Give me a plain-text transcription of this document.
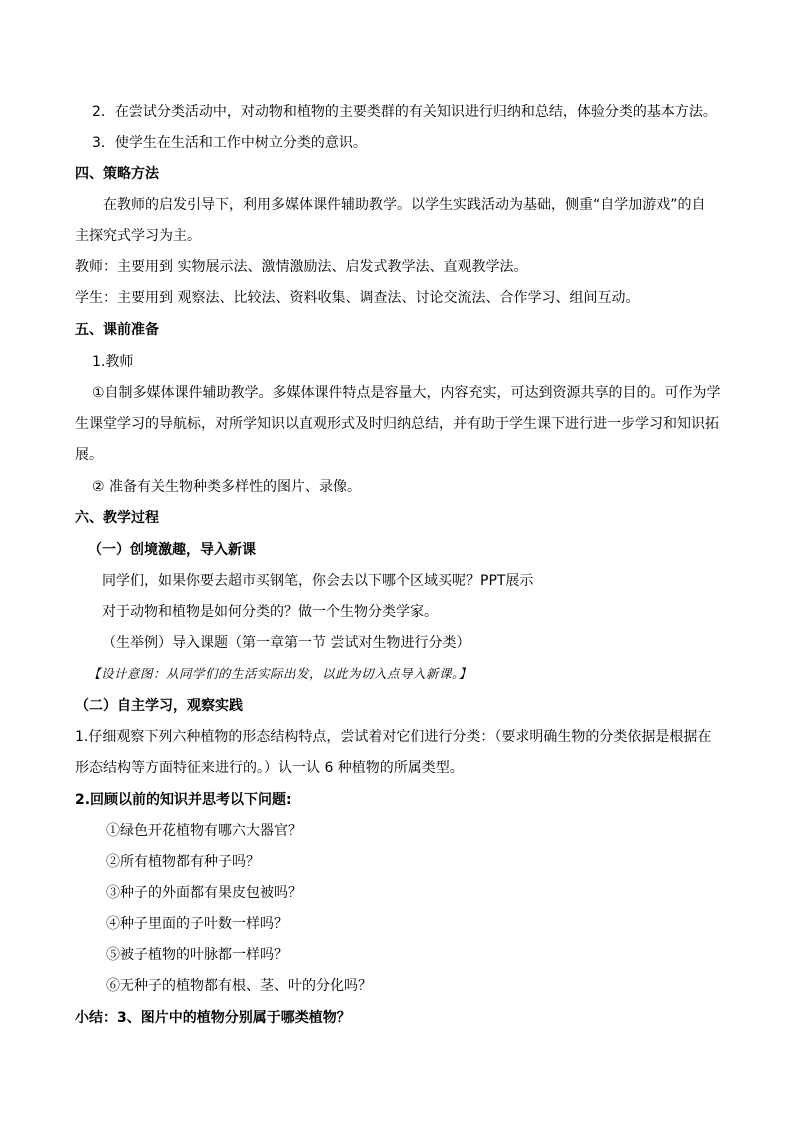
2．在尝试分类活动中，对动物和植物的主要类群的有关知识进行归纳和总结，体验分类的基本方法。
3．使学生在生活和工作中树立分类的意识。
四、策略方法
在教师的启发引导下，利用多媒体课件辅助教学。以学生实践活动为基础，侧重“自学加游戏”的自
主探究式学习为主。
教师：主要用到 实物展示法、激情激励法、启发式教学法、直观教学法。
学生：主要用到 观察法、比较法、资料收集、调查法、讨论交流法、合作学习、组间互动。
五、课前准备
1.教师
①自制多媒体课件辅助教学。多媒体课件特点是容量大，内容充实，可达到资源共享的目的。可作为学
生课堂学习的导航标，对所学知识以直观形式及时归纳总结，并有助于学生课下进行进一步学习和知识拓
展。
② 准备有关生物种类多样性的图片、录像。
六、教学过程
（一）创境激趣，导入新课
同学们，如果你要去超市买钢笔，你会去以下哪个区域买呢？PPT展示
对于动物和植物是如何分类的？做一个生物分类学家。
（生举例）导入课题（第一章第一节 尝试对生物进行分类）
【设计意图：从同学们的生活实际出发，以此为切入点导入新课。】
（二）自主学习，观察实践
1.仔细观察下列六种植物的形态结构特点，尝试着对它们进行分类：（要求明确生物的分类依据是根据在
形态结构等方面特征来进行的。）认一认 6 种植物的所属类型。
2.回顾以前的知识并思考以下问题:
①绿色开花植物有哪六大器官？
②所有植物都有种子吗？
③种子的外面都有果皮包被吗？
④种子里面的子叶数一样吗？
⑤被子植物的叶脉都一样吗？
⑥无种子的植物都有根、茎、叶的分化吗？
小结：3、图片中的植物分别属于哪类植物？
